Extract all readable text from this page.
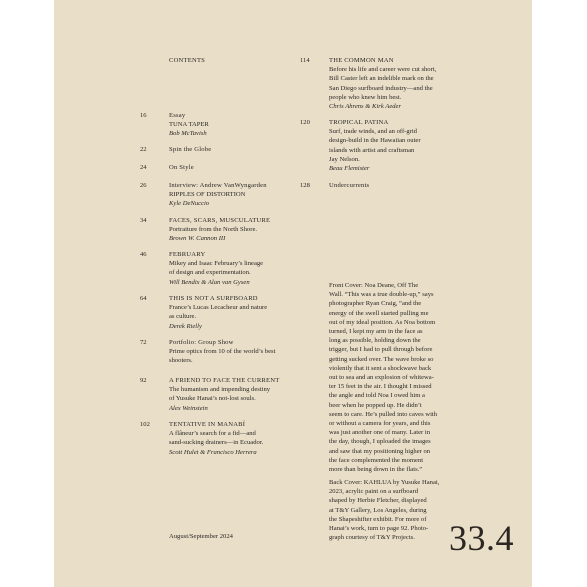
CONTENTS
Front Cover: Noa Deane, Off The
Wall. “This was a true double-up,” says
photographer Ryan Craig, “and the
energy of the swell started pulling me
out of my ideal position. As Noa bottom
turned, I kept my arm in the face as
long as possible, holding down the
trigger, but I had to pull through before
getting sucked over. The wave broke so
violently that it sent a shockwave back
out to sea and an explosion of whitewa-
ter 15 feet in the air. I thought I missed
the angle and told Noa I owed him a
beer when he popped up. He didn’t
seem to care. He’s pulled into caves with
or without a camera for years, and this
was just another one of many. Later in
the day, though, I uploaded the images
and saw that my positioning higher on
the face complemented the moment
more than being down in the flats.”
Back Cover: KAHLUA by Yusuke Hanai,
2023, acrylic paint on a surfboard
shaped by Herbie Fletcher, displayed
at T&Y Gallery, Los Angeles, during
the Shapeshifter exhibit. For more of
Hanai’s work, turn to page 92. Photo-
graph courtesy of T&Y Projects.
August/September 2024	33.4
16	Essay
TUNA TAPER
Bob McTavish
22	Spin the Globe
24	On Style
26	Interview: Andrew VanWyngarden
RIPPLES OF DISTORTION
Kyle DeNuccio
34	FACES, SCARS, MUSCULATURE
Portraiture from the North Shore.
Brown W. Cannon III
46	FEBRUARY
Mikey and Isaac February’s lineage
of design and experimentation.
Will Bendix & Alan van Gysen
64	THIS IS NOT A SURFBOARD
France’s Lucas Lecacheur and nature
as culture.
Derek Rielly
72	Portfolio: Group Show
Prime optics from 10 of the world’s best
shooters.
92	A FRIEND TO FACE THE CURRENT
The humanism and impending destiny
of Yusuke Hanai’s not-lost souls.
Alex Weinstein
102	TENTATIVE IN MANABÍ
A flâneur’s search for a fid—and
sand-sucking drainers—in Ecuador.
Scott Hulet & Francisco Herrera
114	THE COMMON MAN
Before his life and career were cut short,
Bill Caster left an indelible mark on the
San Diego surfboard industry—and the
people who knew him best.
Chris Ahrens & Kirk Aeder
120	TROPICAL PATINA
Surf, trade winds, and an off-grid
design-build in the Hawaiian outer
islands with artist and craftsman
Jay Nelson.
Beau Flemister
128	Undercurrents
